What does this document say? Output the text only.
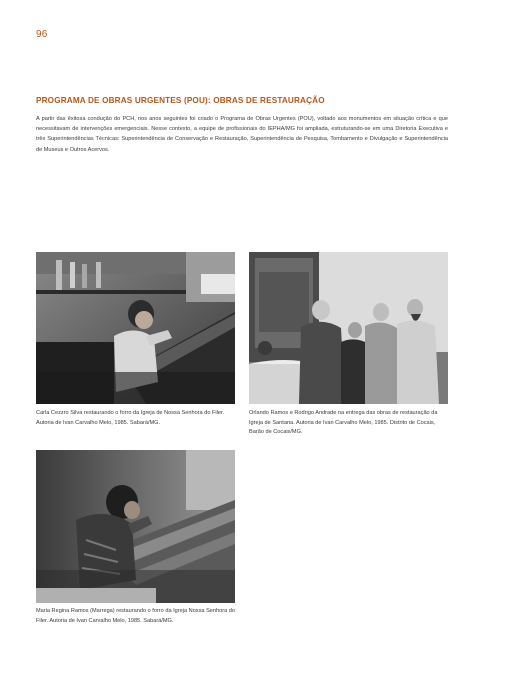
96
PROGRAMA DE OBRAS URGENTES (POU): OBRAS DE RESTAURAÇÃO

A partir das êxitosa condução do PCH, nos anos seguintes foi criado o Programa de Obras Urgentes (POU), voltado aos monumentos em situação crítica e que necessitavam de intervenções emergenciais. Nesse contexto, a equipe de profissionais do IEPHA/MG foi ampliada, estruturando-se em uma Diretoria Executiva e três Superintendências Técnicas: Superintendência de Conservação e Restauração, Superintendência de Pesquisa, Tombamento e Divulgação e Superintendência de Museus e Outros Acervos.

Carla Cezzro Silva restaurando o forro da Igreja de Nossa Senhora do Filer. Autoria de Ivan Carvalho Melo, 1985. Sabará/MG.

Orlando Ramos e Rodrigo Andrade na entrega das obras de restauração da Igreja de Santana. Autoria de Ivan Carvalho Melo, 1985. Distrito de Cocais, Barão de Cocais/MG.

Maria Regina Ramos (Marrega) restaurando o forro da Igreja Nossa Senhora do Filer. Autoria de Ivan Carvalho Melo, 1985. Sabará/MG.
